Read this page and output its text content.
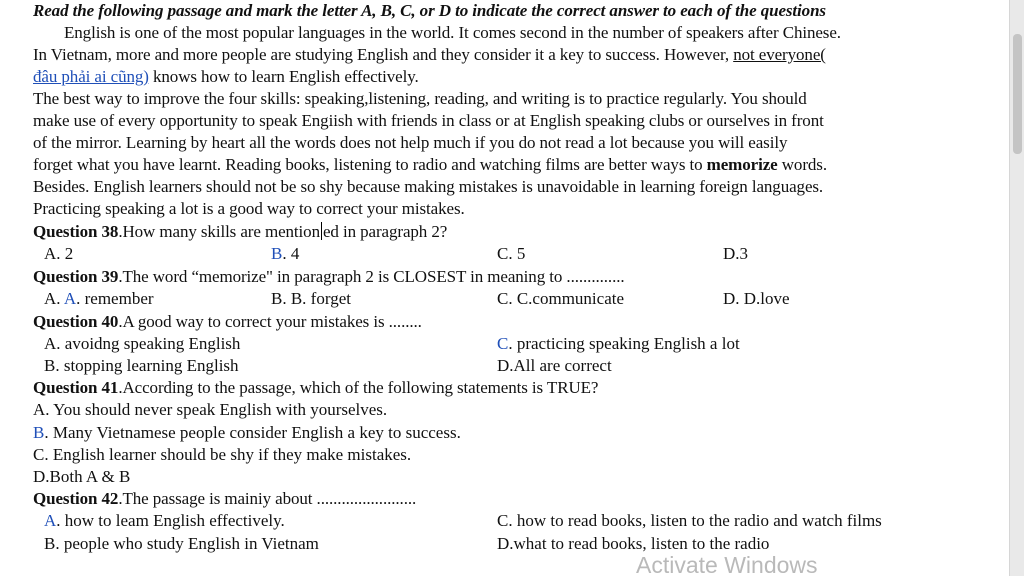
Read the following passage and mark the letter A, B, C, or D to indicate the correct answer to each of the questions
English is one of the most popular languages in the world. It comes second in the number of speakers after Chinese.
In Vietnam, more and more people are studying English and they consider it a key to success. However, not everyone(
đâu phải ai cũng) knows how to learn English effectively.
The best way to improve the four skills: speaking,listening, reading, and writing is to practice regularly. You should
make use of every opportunity to speak Engiish with friends in class or at English speaking clubs or ourselves in front
of the mirror. Learning by heart all the words does not help much if you do not read a lot because you will easily
forget what you have learnt. Reading books, listening to radio and watching films are better ways to memorize words.
Besides. English learners should not be so shy because making mistakes is unavoidable in learning foreign languages.
Practicing speaking a lot is a good way to correct your mistakes.
Question 38.How many skills are mention ed in paragraph 2?
A. 2	B. 4	C. 5	D.3
Question 39.The word “memorize" in paragraph 2 is CLOSEST in meaning to ..............
A. A. remember	B. B. forget	C. C.communicate	D. D.love
Question 40.A good way to correct your mistakes is ........
A. avoidng speaking English	C. practicing speaking English a lot
B. stopping learning English	D.All are correct
Question 41.According to the passage, which of the following statements is TRUE?
A. You should never speak English with yourselves.
B. Many Vietnamese people consider English a key to success.
C. English learner should be shy if they make mistakes.
D.Both A & B
Question 42.The passage is mainiy about ........................
A. how to leam English effectively.	C. how to read books, listen to the radio and watch films
B. people who study English in Vietnam	D.what to read books, listen to the radio
Activate Windows
